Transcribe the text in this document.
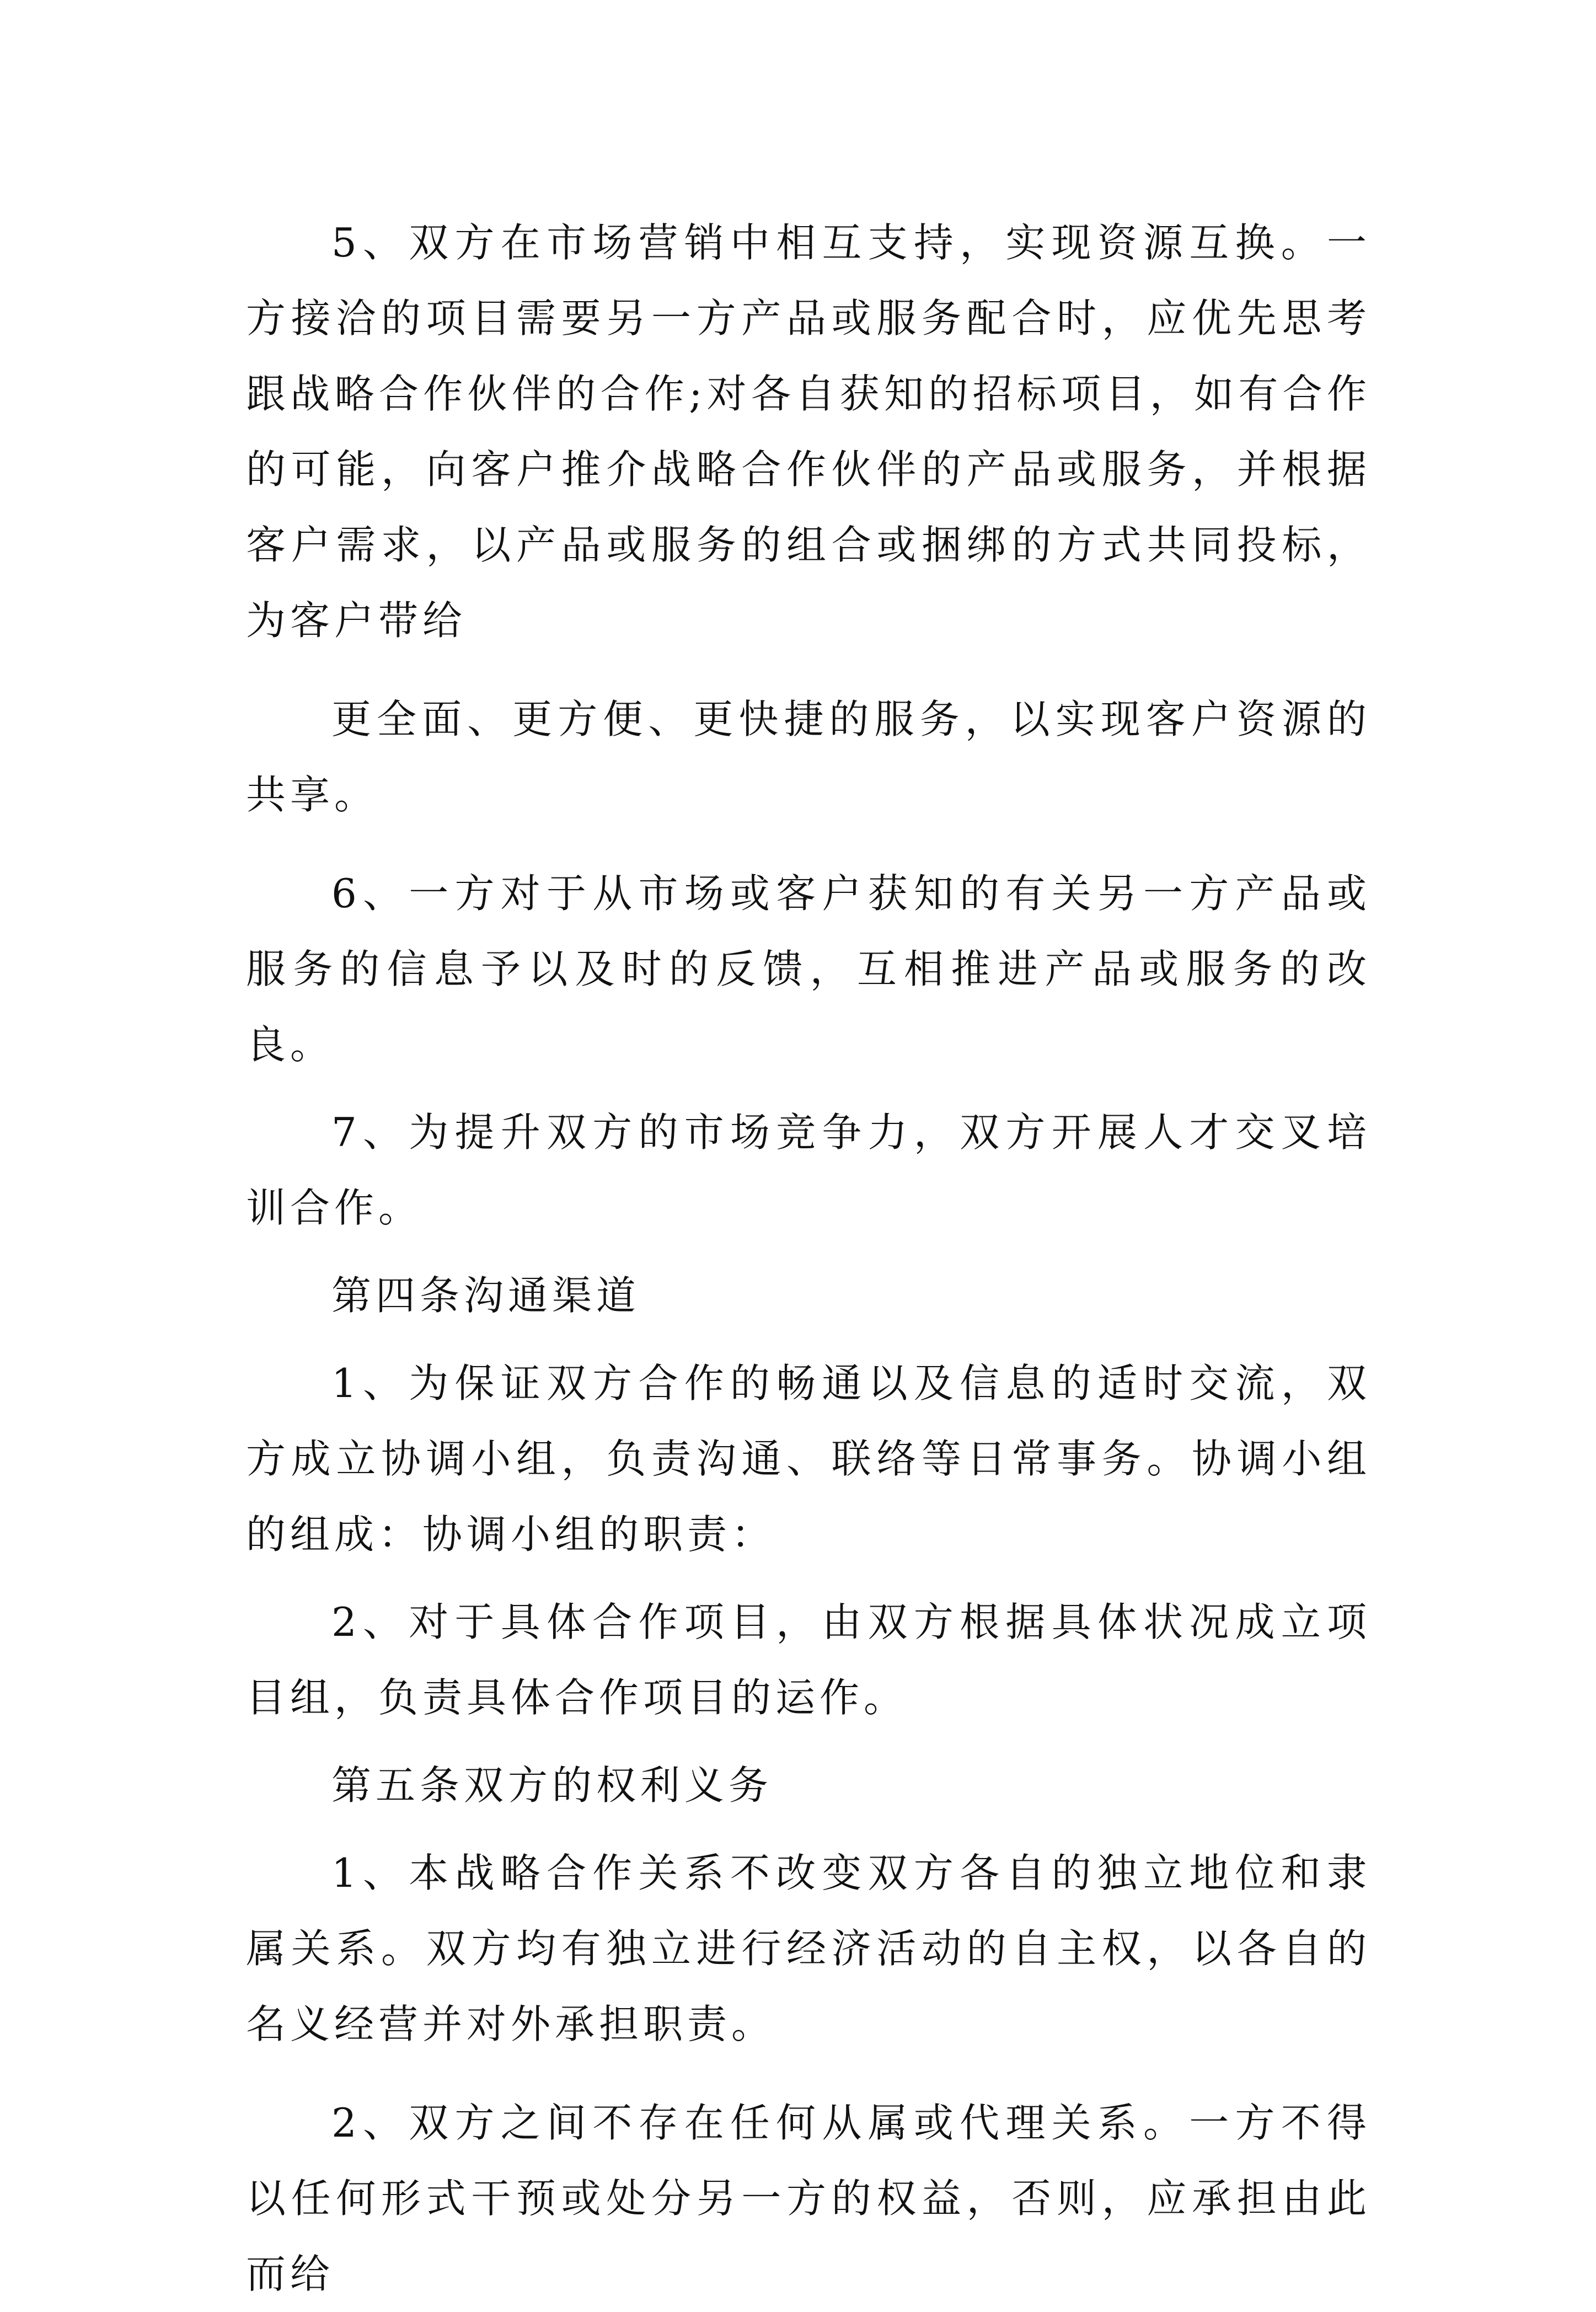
5、双方在市场营销中相互支持，实现资源互换。一方接洽的项目需要另一方产品或服务配合时，应优先思考跟战略合作伙伴的合作;对各自获知的招标项目，如有合作的可能，向客户推介战略合作伙伴的产品或服务，并根据客户需求，以产品或服务的组合或捆绑的方式共同投标，为客户带给

更全面、更方便、更快捷的服务，以实现客户资源的共享。

6、一方对于从市场或客户获知的有关另一方产品或服务的信息予以及时的反馈，互相推进产品或服务的改良。

7、为提升双方的市场竞争力，双方开展人才交叉培训合作。

第四条沟通渠道

1、为保证双方合作的畅通以及信息的适时交流，双方成立协调小组，负责沟通、联络等日常事务。协调小组的组成：协调小组的职责：

2、对于具体合作项目，由双方根据具体状况成立项目组，负责具体合作项目的运作。

第五条双方的权利义务

1、本战略合作关系不改变双方各自的独立地位和隶属关系。双方均有独立进行经济活动的自主权，以各自的名义经营并对外承担职责。

2、双方之间不存在任何从属或代理关系。一方不得以任何形式干预或处分另一方的权益，否则，应承担由此而给
